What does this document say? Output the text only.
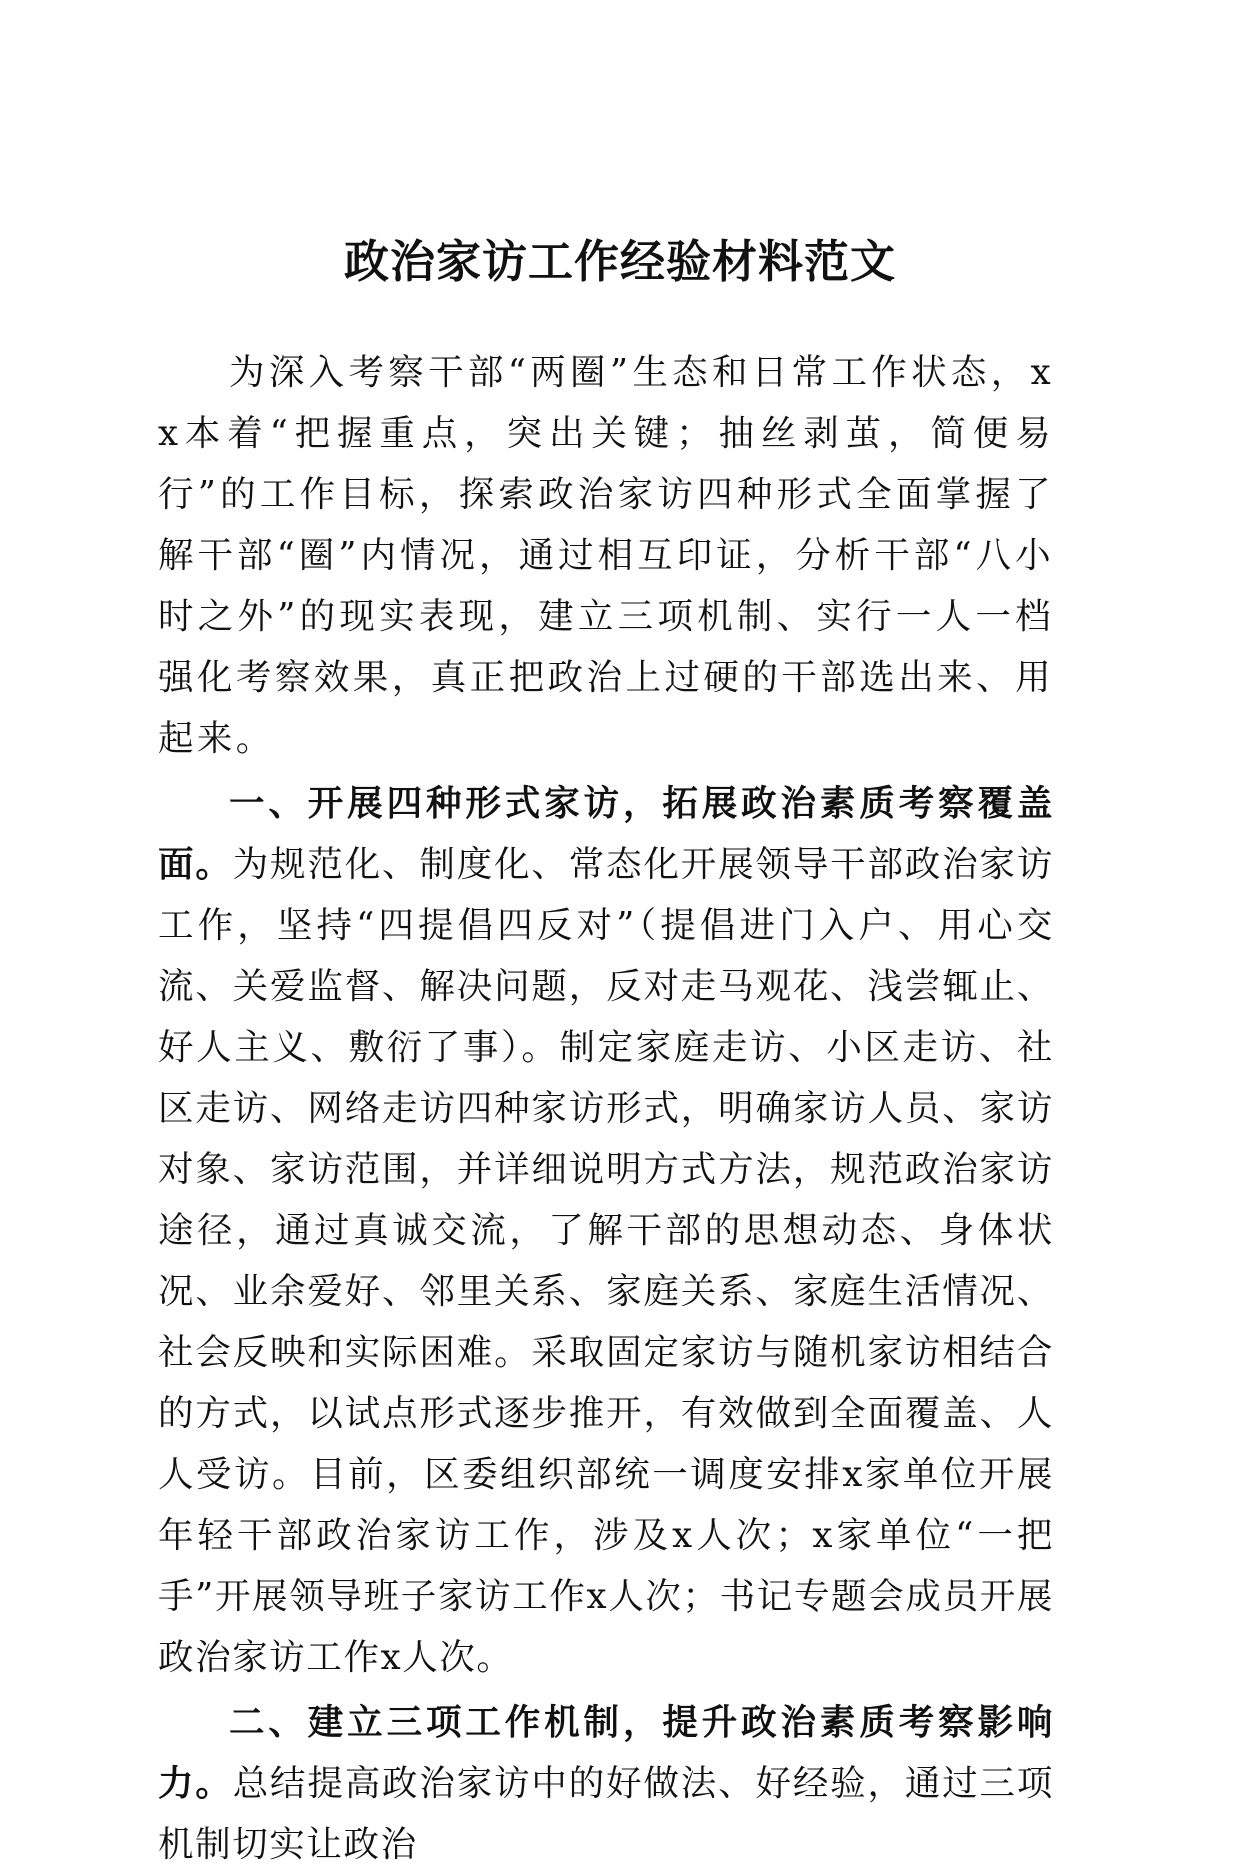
政治家访工作经验材料范文

为深入考察干部“两圈”生态和日常工作状态，xx本着“把握重点，突出关键；抽丝剥茧，简便易行”的工作目标，探索政治家访四种形式全面掌握了解干部“圈”内情况，通过相互印证，分析干部“八小时之外”的现实表现，建立三项机制、实行一人一档强化考察效果，真正把政治上过硬的干部选出来、用起来。

一、开展四种形式家访，拓展政治素质考察覆盖面。为规范化、制度化、常态化开展领导干部政治家访工作，坚持“四提倡四反对”（提倡进门入户、用心交流、关爱监督、解决问题，反对走马观花、浅尝辄止、好人主义、敷衍了事）。制定家庭走访、小区走访、社区走访、网络走访四种家访形式，明确家访人员、家访对象、家访范围，并详细说明方式方法，规范政治家访途径，通过真诚交流，了解干部的思想动态、身体状况、业余爱好、邻里关系、家庭关系、家庭生活情况、社会反映和实际困难。采取固定家访与随机家访相结合的方式，以试点形式逐步推开，有效做到全面覆盖、人人受访。目前，区委组织部统一调度安排x家单位开展年轻干部政治家访工作，涉及x人次；x家单位“一把手”开展领导班子家访工作x人次；书记专题会成员开展政治家访工作x人次。

二、建立三项工作机制，提升政治素质考察影响力。总结提高政治家访中的好做法、好经验，通过三项机制切实让政治
